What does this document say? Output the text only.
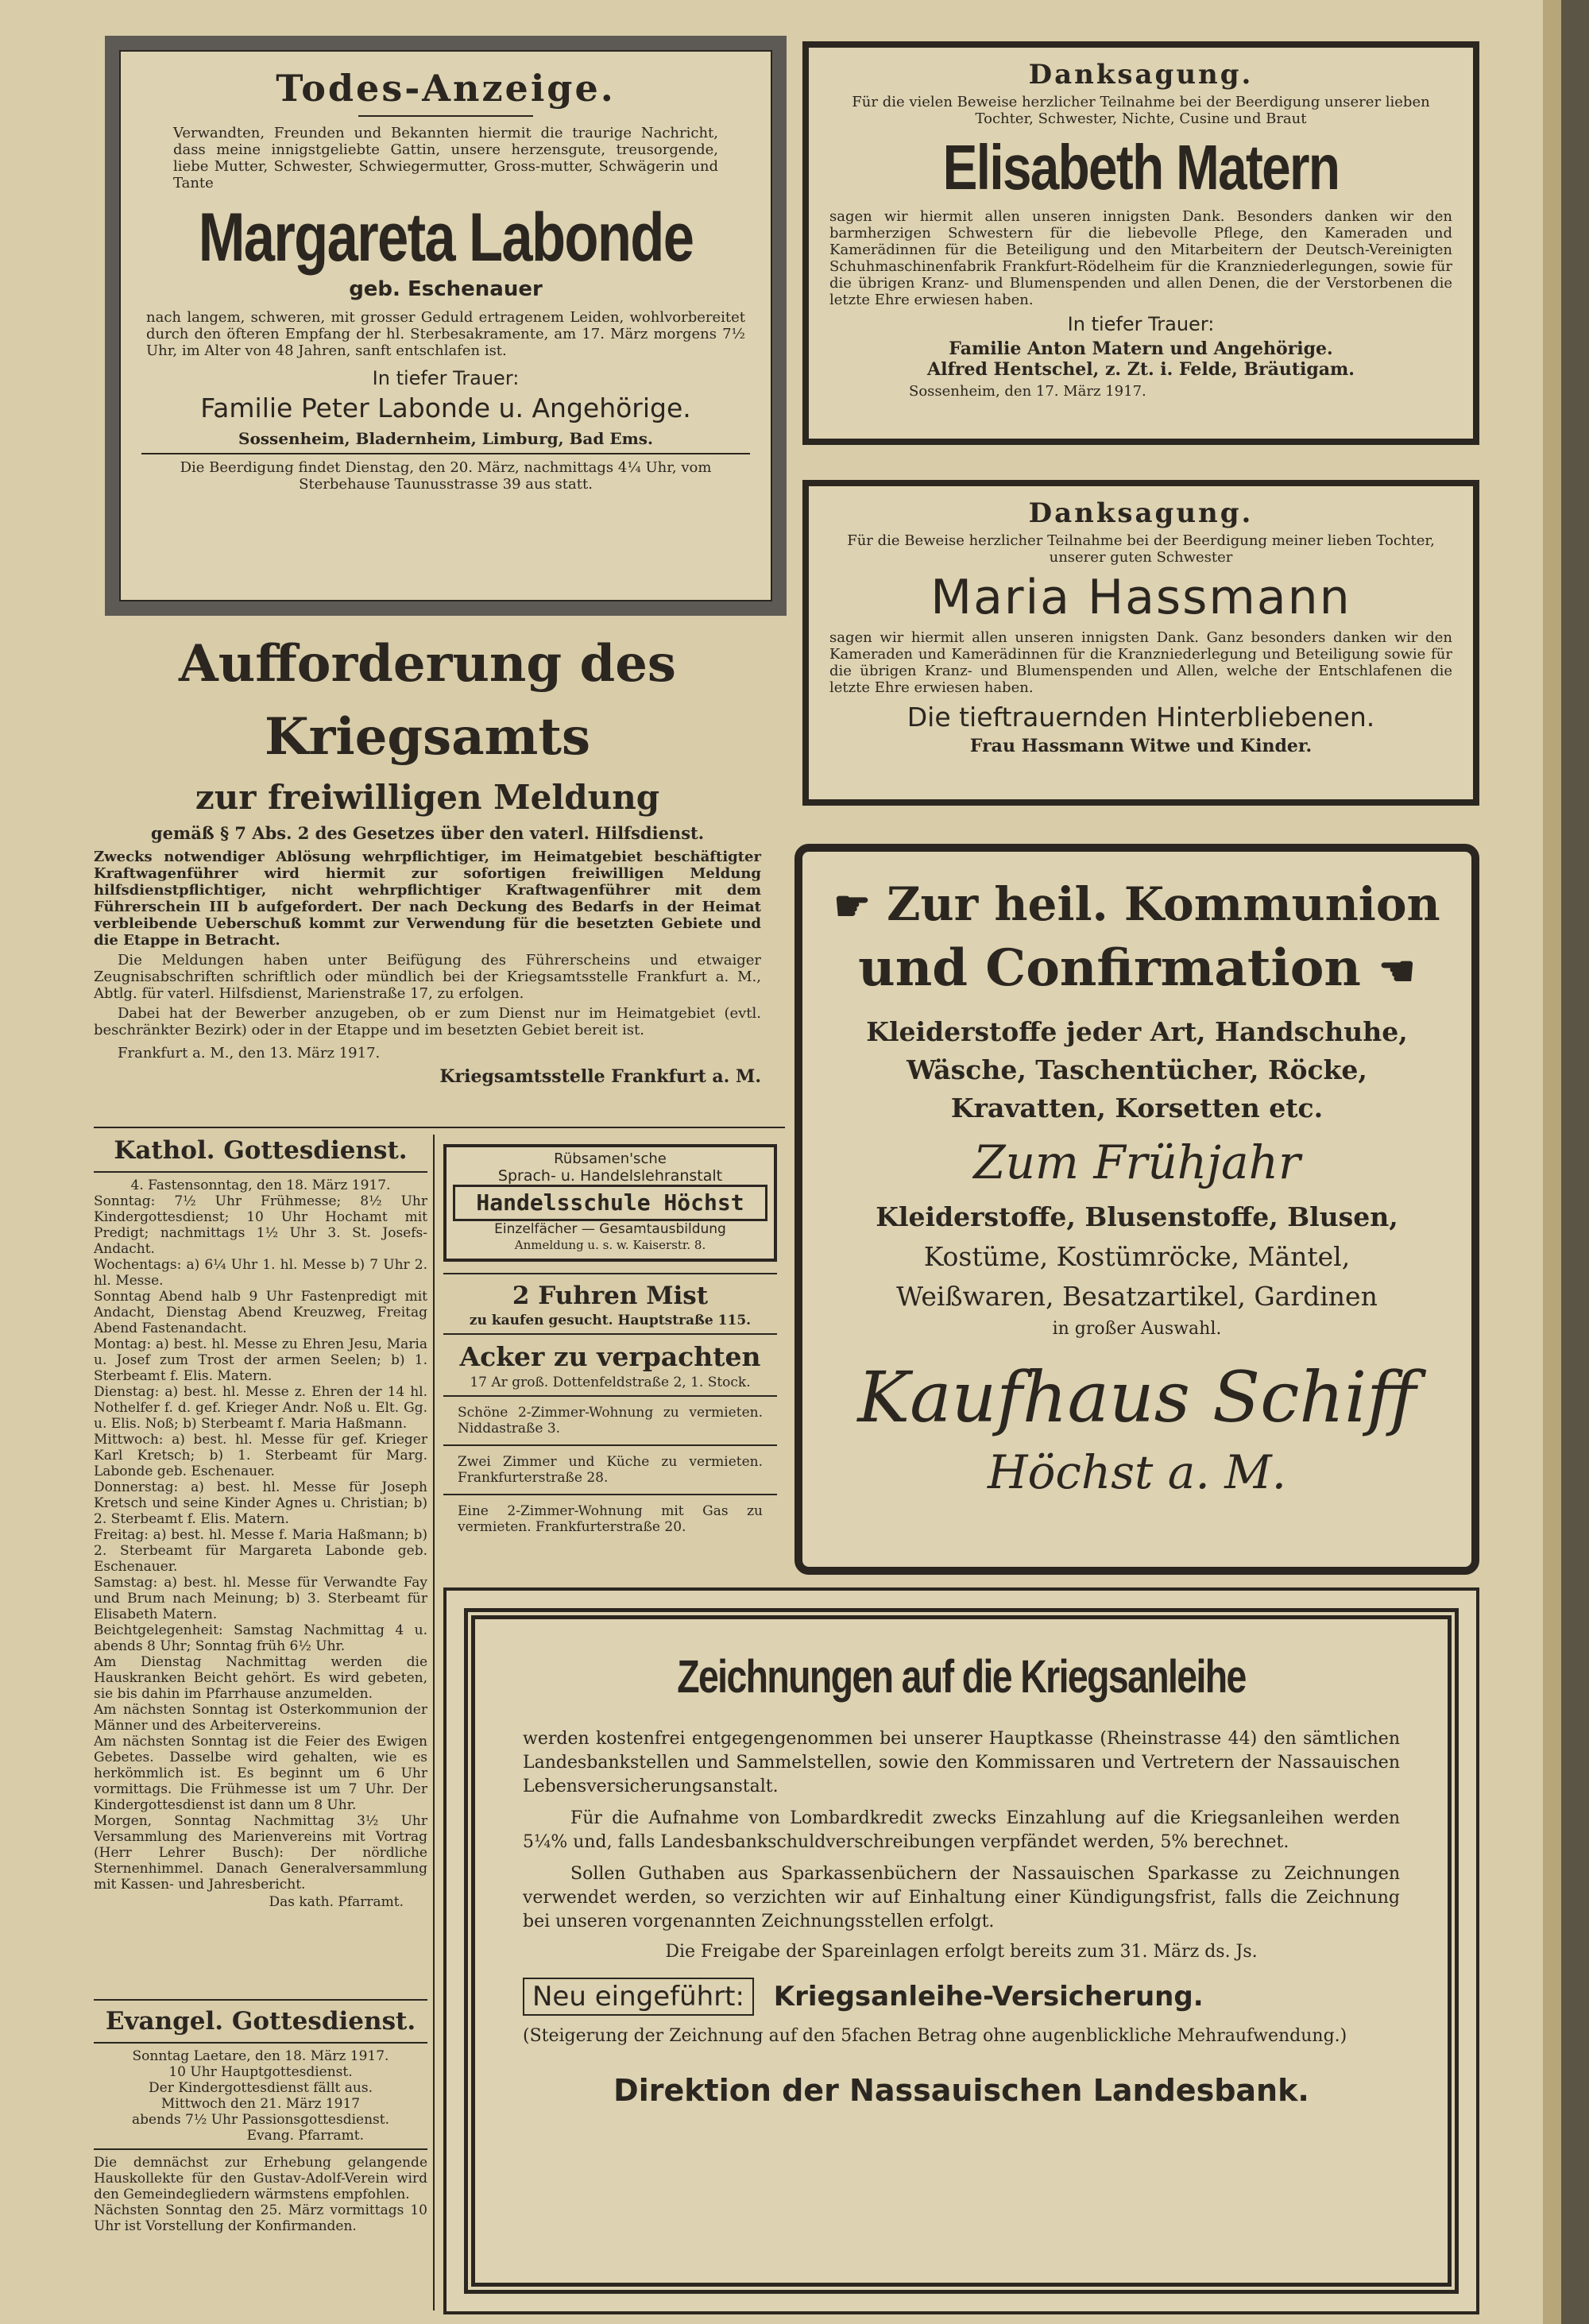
Todes-Anzeige.
Verwandten, Freunden und Bekannten hiermit die traurige Nachricht, dass meine innigstgeliebte Gattin, unsere herzensgute, treusorgende, liebe Mutter, Schwester, Schwiegermutter, Gross-mutter, Schwägerin und Tante
Margareta Labonde
geb. Eschenauer
nach langem, schweren, mit grosser Geduld ertragenem Leiden, wohlvorbereitet durch den öfteren Empfang der hl. Sterbesakramente, am 17. März morgens 7½ Uhr, im Alter von 48 Jahren, sanft entschlafen ist.
In tiefer Trauer:
Familie Peter Labonde u. Angehörige.
Sossenheim, Bladernheim, Limburg, Bad Ems.
Die Beerdigung findet Dienstag, den 20. März, nachmittags 4¼ Uhr, vom Sterbehause Taunusstrasse 39 aus statt.
Danksagung.
Für die vielen Beweise herzlicher Teilnahme bei der Beerdigung unserer lieben Tochter, Schwester, Nichte, Cusine und Braut
Elisabeth Matern
sagen wir hiermit allen unseren innigsten Dank. Besonders danken wir den barmherzigen Schwestern für die liebevolle Pflege, den Kameraden und Kamerädinnen für die Beteiligung und den Mitarbeitern der Deutsch-Vereinigten Schuhmaschinenfabrik Frankfurt-Rödelheim für die Kranzniederlegungen, sowie für die übrigen Kranz- und Blumenspenden und allen Denen, die der Verstorbenen die letzte Ehre erwiesen haben.
In tiefer Trauer:
Familie Anton Matern und Angehörige.
Alfred Hentschel, z. Zt. i. Felde, Bräutigam.
Sossenheim, den 17. März 1917.
Danksagung.
Für die Beweise herzlicher Teilnahme bei der Beerdigung meiner lieben Tochter, unserer guten Schwester
Maria Hassmann
sagen wir hiermit allen unseren innigsten Dank. Ganz besonders danken wir den Kameraden und Kamerädinnen für die Kranzniederlegung und Beteiligung sowie für die übrigen Kranz- und Blumenspenden und Allen, welche der Entschlafenen die letzte Ehre erwiesen haben.
Die tieftrauernden Hinterbliebenen.
Frau Hassmann Witwe und Kinder.
Aufforderung des Kriegsamts
zur freiwilligen Meldung
gemäß § 7 Abs. 2 des Gesetzes über den vaterl. Hilfsdienst.
Zwecks notwendiger Ablösung wehrpflichtiger, im Heimatgebiet beschäftigter Kraftwagenführer wird hiermit zur sofortigen freiwilligen Meldung hilfsdienstpflichtiger, nicht wehrpflichtiger Kraftwagenführer mit dem Führerschein III b aufgefordert. Der nach Deckung des Bedarfs in der Heimat verbleibende Ueberschuß kommt zur Verwendung für die besetzten Gebiete und die Etappe in Betracht.
Die Meldungen haben unter Beifügung des Führerscheins und etwaiger Zeugnisabschriften schriftlich oder mündlich bei der Kriegsamtsstelle Frankfurt a. M., Abtlg. für vaterl. Hilfsdienst, Marienstraße 17, zu erfolgen.
Dabei hat der Bewerber anzugeben, ob er zum Dienst nur im Heimatgebiet (evtl. beschränkter Bezirk) oder in der Etappe und im besetzten Gebiet bereit ist.
Frankfurt a. M., den 13. März 1917.
Kriegsamtsstelle Frankfurt a. M.
Kathol. Gottesdienst.
4. Fastensonntag, den 18. März 1917.
Sonntag: 7½ Uhr Frühmesse; 8½ Uhr Kindergottesdienst; 10 Uhr Hochamt mit Predigt; nachmittags 1½ Uhr 3. St. Josefs-Andacht.
Wochentags: a) 6¼ Uhr 1. hl. Messe b) 7 Uhr 2. hl. Messe.
Sonntag Abend halb 9 Uhr Fastenpredigt mit Andacht, Dienstag Abend Kreuzweg, Freitag Abend Fastenandacht.
Montag: a) best. hl. Messe zu Ehren Jesu, Maria u. Josef zum Trost der armen Seelen; b) 1. Sterbeamt f. Elis. Matern.
Dienstag: a) best. hl. Messe z. Ehren der 14 hl. Nothelfer f. d. gef. Krieger Andr. Noß u. Elt. Gg. u. Elis. Noß; b) Sterbeamt f. Maria Haßmann.
Mittwoch: a) best. hl. Messe für gef. Krieger Karl Kretsch; b) 1. Sterbeamt für Marg. Labonde geb. Eschenauer.
Donnerstag: a) best. hl. Messe für Joseph Kretsch und seine Kinder Agnes u. Christian; b) 2. Sterbeamt f. Elis. Matern.
Freitag: a) best. hl. Messe f. Maria Haßmann; b) 2. Sterbeamt für Margareta Labonde geb. Eschenauer.
Samstag: a) best. hl. Messe für Verwandte Fay und Brum nach Meinung; b) 3. Sterbeamt für Elisabeth Matern.
Beichtgelegenheit: Samstag Nachmittag 4 u. abends 8 Uhr; Sonntag früh 6½ Uhr.
Am Dienstag Nachmittag werden die Hauskranken Beicht gehört. Es wird gebeten, sie bis dahin im Pfarrhause anzumelden.
Am nächsten Sonntag ist Osterkommunion der Männer und des Arbeitervereins.
Am nächsten Sonntag ist die Feier des Ewigen Gebetes. Dasselbe wird gehalten, wie es herkömmlich ist. Es beginnt um 6 Uhr vormittags. Die Frühmesse ist um 7 Uhr. Der Kindergottesdienst ist dann um 8 Uhr.
Morgen, Sonntag Nachmittag 3½ Uhr Versammlung des Marienvereins mit Vortrag (Herr Lehrer Busch): Der nördliche Sternenhimmel. Danach Generalversammlung mit Kassen- und Jahresbericht.
Das kath. Pfarramt.
Evangel. Gottesdienst.
Sonntag Laetare, den 18. März 1917.
10 Uhr Hauptgottesdienst.
Der Kindergottesdienst fällt aus.
Mittwoch den 21. März 1917
abends 7½ Uhr Passionsgottesdienst.
Evang. Pfarramt.
Die demnächst zur Erhebung gelangende Hauskollekte für den Gustav-Adolf-Verein wird den Gemeindegliedern wärmstens empfohlen.
Nächsten Sonntag den 25. März vormittags 10 Uhr ist Vorstellung der Konfirmanden.
Rübsamen'sche
Sprach- u. Handelslehranstalt
Handelsschule Höchst
Einzelfächer — Gesamtausbildung
Anmeldung u. s. w. Kaiserstr. 8.
2 Fuhren Mist
zu kaufen gesucht. Hauptstraße 115.
Acker zu verpachten
17 Ar groß. Dottenfeldstraße 2, 1. Stock.
Schöne 2-Zimmer-Wohnung zu vermieten. Niddastraße 3.
Zwei Zimmer und Küche zu vermieten. Frankfurterstraße 28.
Eine 2-Zimmer-Wohnung mit Gas zu vermieten. Frankfurterstraße 20.
☛ Zur heil. Kommunion
und Confirmation ☛
Kleiderstoffe jeder Art, Handschuhe,
Wäsche, Taschentücher, Röcke,
Kravatten, Korsetten etc.
Zum Frühjahr
Kleiderstoffe, Blusenstoffe, Blusen,
Kostüme, Kostümröcke, Mäntel,
Weißwaren, Besatzartikel, Gardinen
in großer Auswahl.
Kaufhaus Schiff
Höchst a. M.
Zeichnungen auf die Kriegsanleihe
werden kostenfrei entgegengenommen bei unserer Hauptkasse (Rheinstrasse 44) den sämtlichen Landesbankstellen und Sammelstellen, sowie den Kommissaren und Vertretern der Nassauischen Lebensversicherungsanstalt.
Für die Aufnahme von Lombardkredit zwecks Einzahlung auf die Kriegsanleihen werden 5¼% und, falls Landesbankschuldverschreibungen verpfändet werden, 5% berechnet.
Sollen Guthaben aus Sparkassenbüchern der Nassauischen Sparkasse zu Zeichnungen verwendet werden, so verzichten wir auf Einhaltung einer Kündigungsfrist, falls die Zeichnung bei unseren vorgenannten Zeichnungsstellen erfolgt.
Die Freigabe der Spareinlagen erfolgt bereits zum 31. März ds. Js.
Neu eingeführt: Kriegsanleihe-Versicherung.
(Steigerung der Zeichnung auf den 5fachen Betrag ohne augenblickliche Mehraufwendung.)
Direktion der Nassauischen Landesbank.
